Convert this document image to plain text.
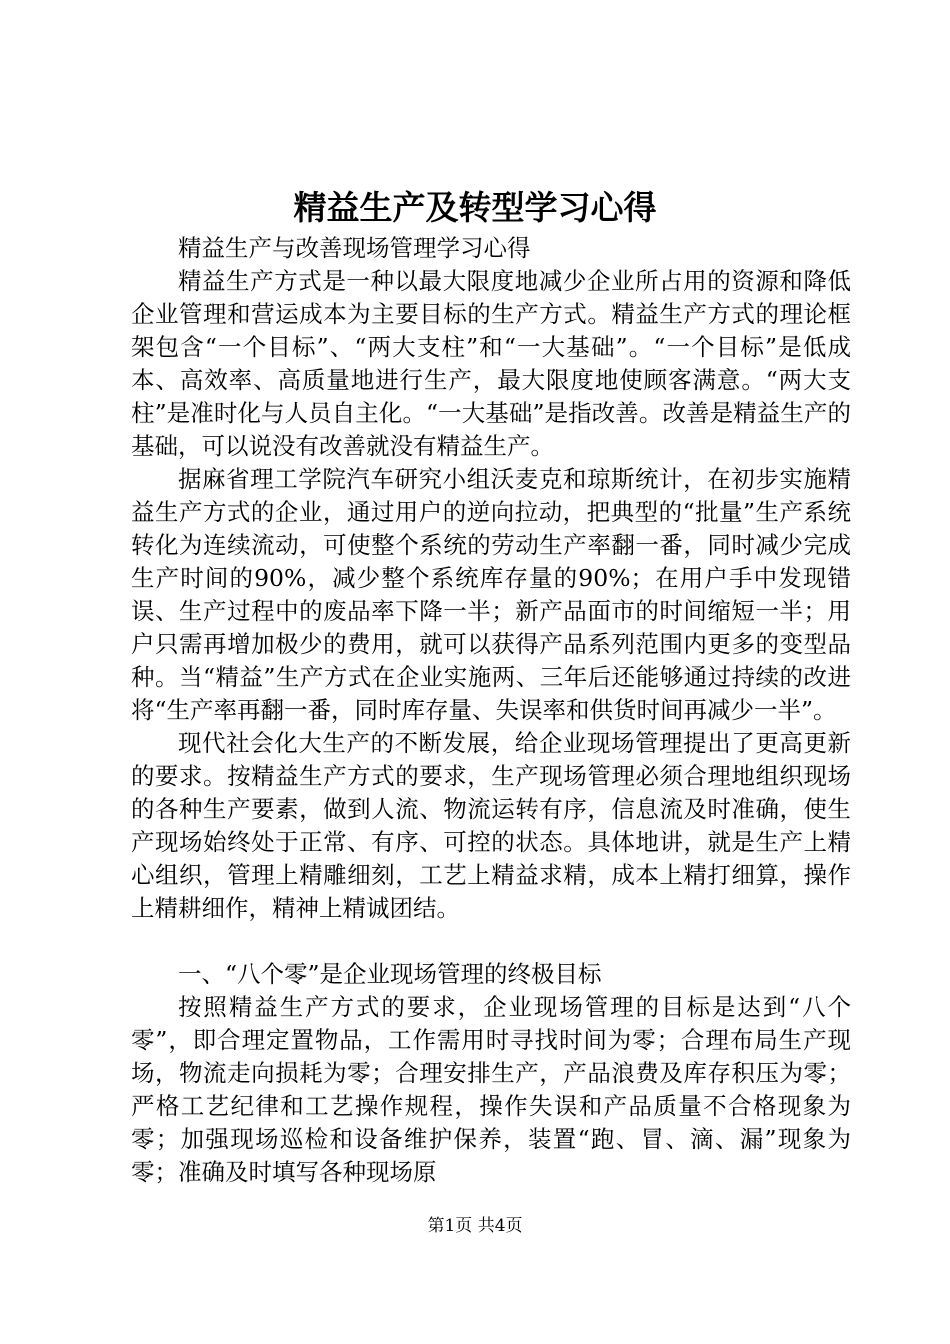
精益生产及转型学习心得
精益生产与改善现场管理学习心得

精益生产方式是一种以最大限度地减少企业所占用的资源和降低企业管理和营运成本为主要目标的生产方式。精益生产方式的理论框架包含“一个目标”、“两大支柱”和“一大基础”。“一个目标”是低成本、高效率、高质量地进行生产，最大限度地使顾客满意。“两大支柱”是准时化与人员自主化。“一大基础”是指改善。改善是精益生产的基础，可以说没有改善就没有精益生产。

据麻省理工学院汽车研究小组沃麦克和琼斯统计，在初步实施精益生产方式的企业，通过用户的逆向拉动，把典型的“批量”生产系统转化为连续流动，可使整个系统的劳动生产率翻一番，同时减少完成生产时间的90%，减少整个系统库存量的90%；在用户手中发现错误、生产过程中的废品率下降一半；新产品面市的时间缩短一半；用户只需再增加极少的费用，就可以获得产品系列范围内更多的变型品种。当“精益”生产方式在企业实施两、三年后还能够通过持续的改进将“生产率再翻一番，同时库存量、失误率和供货时间再减少一半”。

现代社会化大生产的不断发展，给企业现场管理提出了更高更新的要求。按精益生产方式的要求，生产现场管理必须合理地组织现场的各种生产要素，做到人流、物流运转有序，信息流及时准确，使生产现场始终处于正常、有序、可控的状态。具体地讲，就是生产上精心组织，管理上精雕细刻，工艺上精益求精，成本上精打细算，操作上精耕细作，精神上精诚团结。

一、“八个零”是企业现场管理的终极目标

按照精益生产方式的要求，企业现场管理的目标是达到“八个零”，即合理定置物品，工作需用时寻找时间为零；合理布局生产现场，物流走向损耗为零；合理安排生产，产品浪费及库存积压为零；严格工艺纪律和工艺操作规程，操作失误和产品质量不合格现象为零；加强现场巡检和设备维护保养，装置“跑、冒、滴、漏”现象为零；准确及时填写各种现场原

第1页 共4页
